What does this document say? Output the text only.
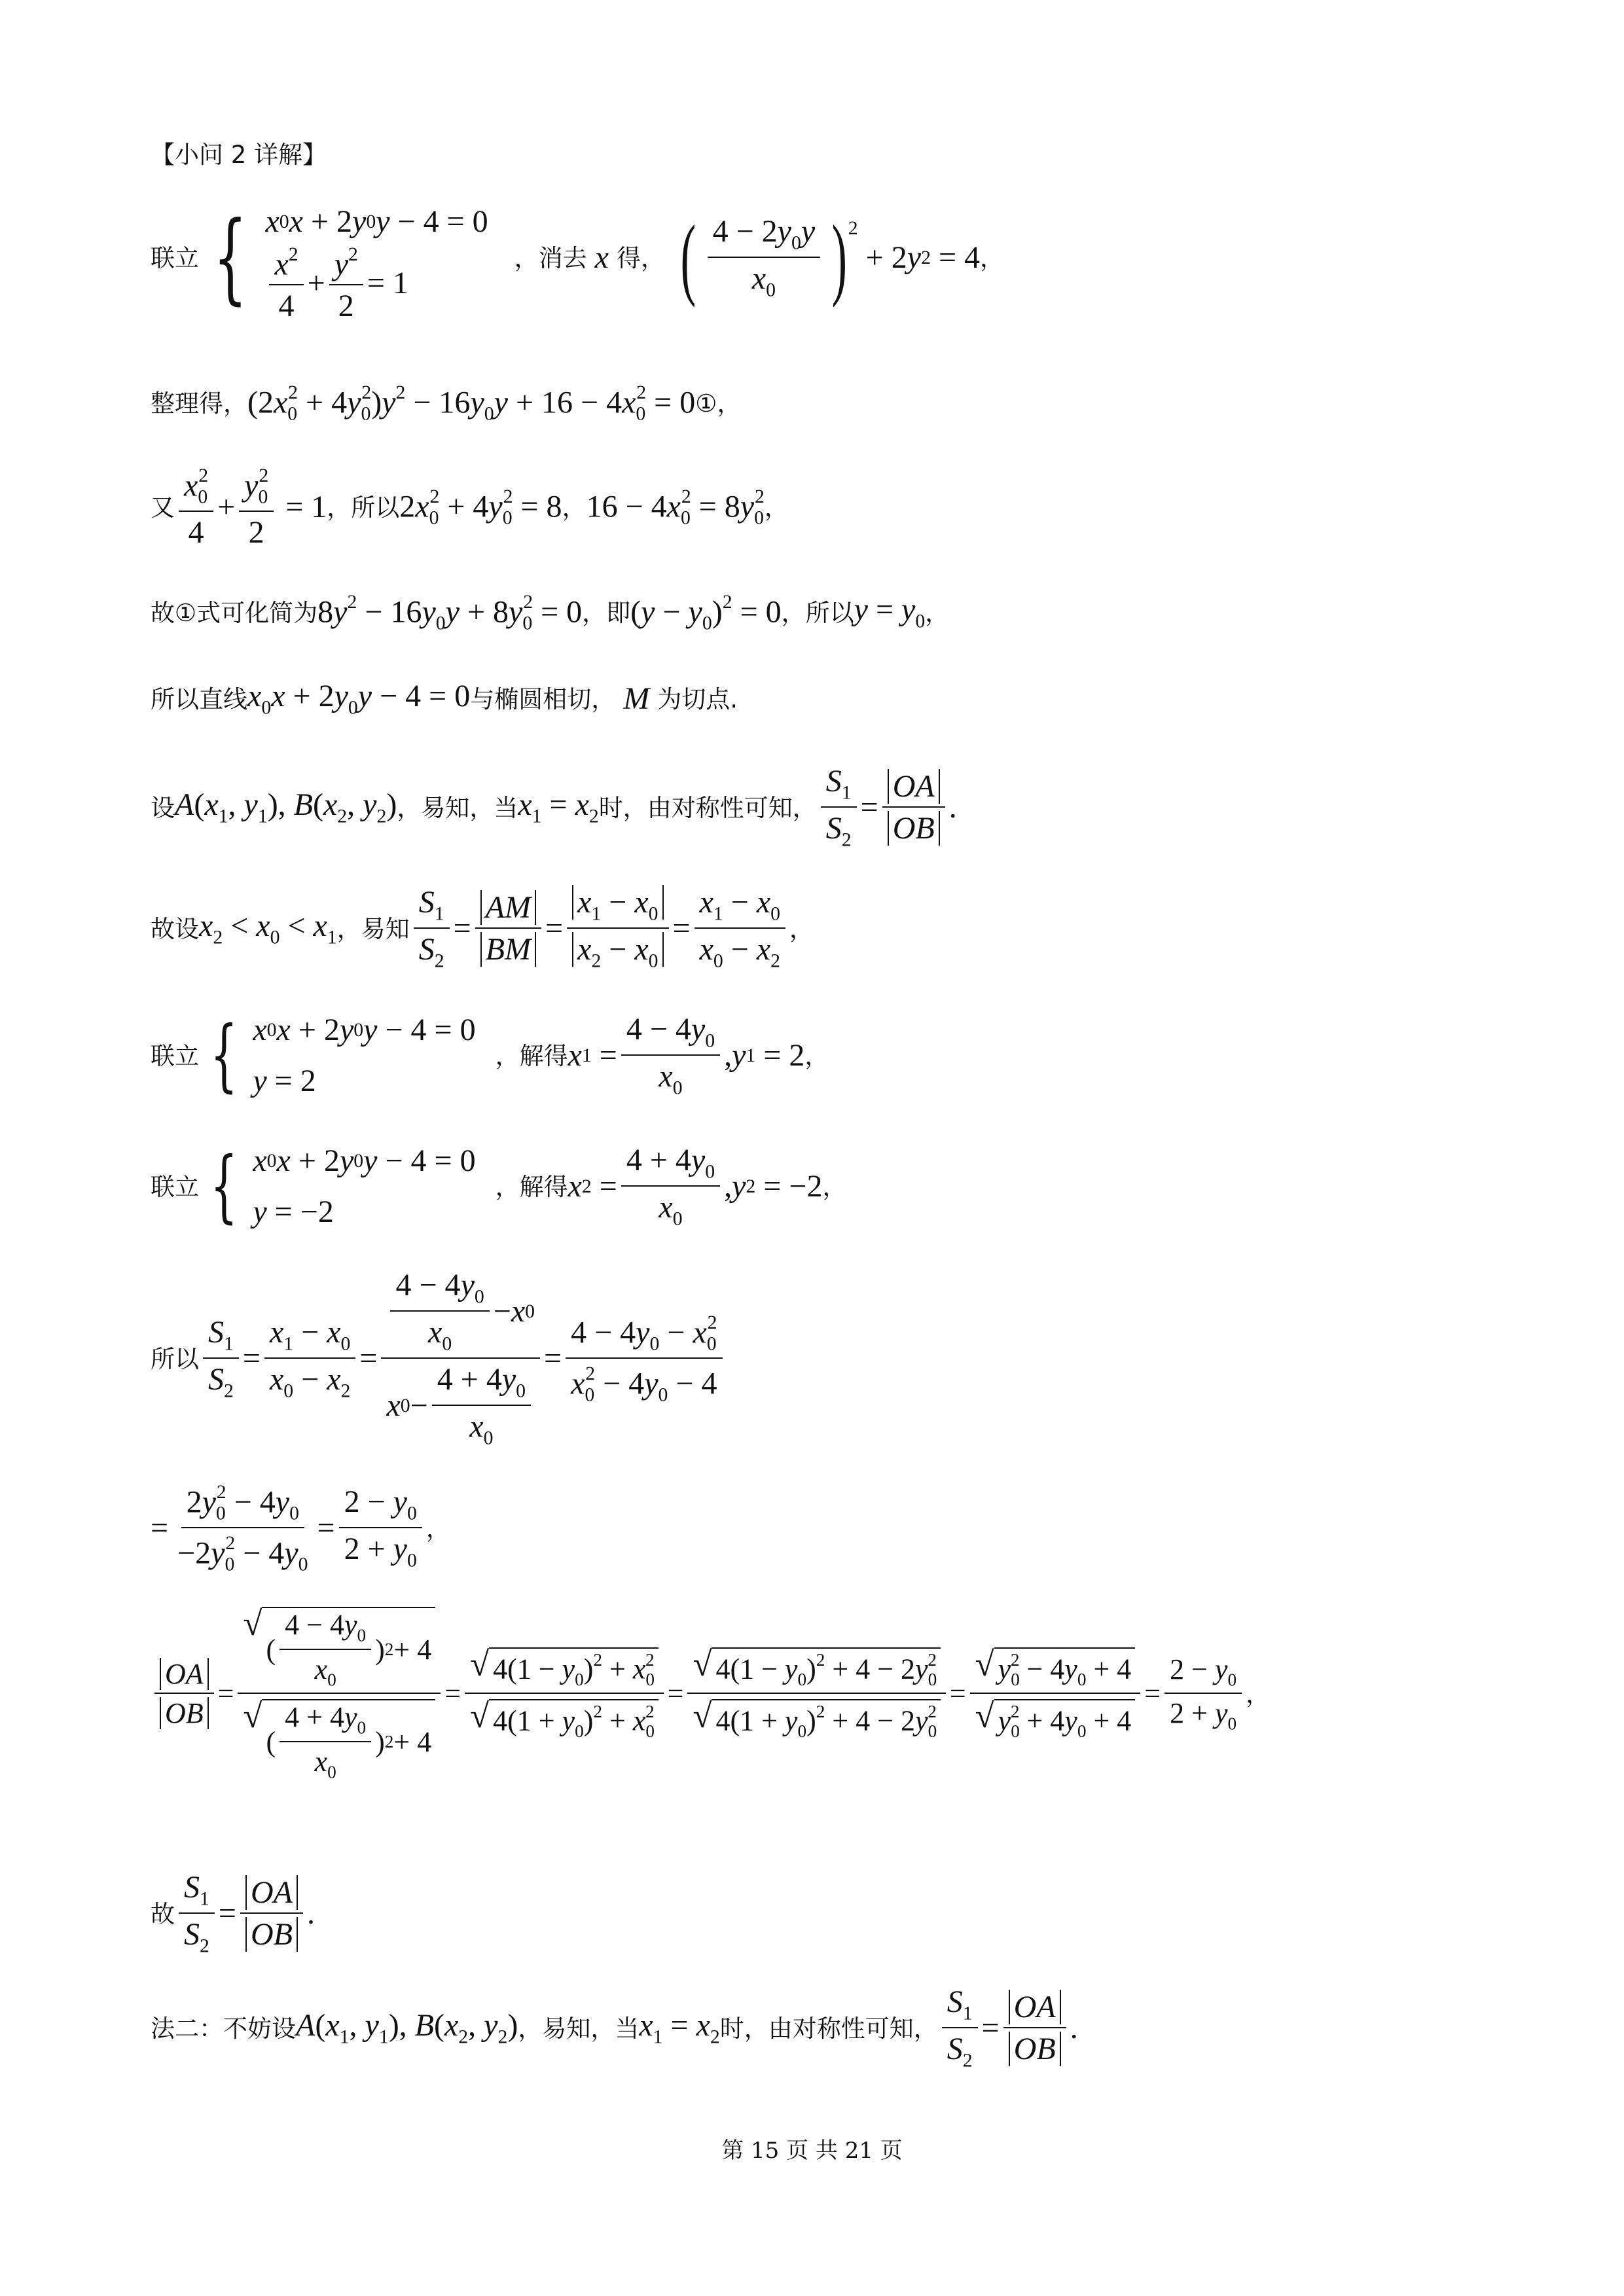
【小问 2 详解】
联立 { x 0 x + 2 y 0 y − 4 = 0
$\frac{x^2}{4} + \frac{y^2}{2} = 1$
，消去 x 得， ( $\frac{4 - 2y_0y}{x_0}$ ) 2
+ 2 y 2 = 4 ，
整理得， $(2x_0^2 + 4y_0^2)y^2 - 16y_0y + 16 - 4x_0^2 = 0$ ① ，
又 $\frac{x_0^2}{4} + \frac{y_0^2}{2} = 1$ ，所以 $2x_0^2 + 4y_0^2 = 8$ ， $16 - 4x_0^2 = 8y_0^2$ ，
故①式可化简为 $8y^2 - 16y_0y + 8y_0^2 = 0$ ，即 $(y - y_0)^2 = 0$ ，所以 $y = y_0$ ，
所以直线 $x_0x + 2y_0y - 4 = 0$ 与椭圆相切， M 为切点.
设 $A(x_1$, $y_1$), $B(x_2$, $y_2$) ，易知，当 $x_1 = x_2$ 时，由对称性可知， $\frac{S_1}{S_2} = \frac{OA}{OB}$ .
故设 $x_2 < x_0 < x_1$ ，易知 $\frac{S_1}{S_2} = \frac{AM}{BM} = \frac{x_1 - x_0}{x_2 - x_0} = \frac{x_1 - x_0}{x_0 - x_2}$ ，
联立 { x 0 x + 2 y 0 y − 4 = 0
y = 2
，解得 x $1 = \frac{4 - 4y_0}{x_0}$ , y 1 = 2 ，
联立 { x 0 x + 2 y 0 y − 4 = 0
y = −2
，解得 x $2 = \frac{4 + 4y_0}{x_0}$ , y 2 = −2 ，
所以 $\frac{S_1}{S_2} = \frac{x_1 - x_0}{x_0 - x_2} = \frac{\frac{4 - 4y_0}{x_0} - x 0}{x 0 - \frac{4 + 4y_0}{x_0}} = \frac{4 - 4y_0 - x_0^2}{x_0^2 - 4y_0 - 4}$
= $\frac{2y_0^2 - 4y_0}{-2y_0^2 - 4y_0} = \frac{2 - y_0}{2 + y_0}$ ，
$\frac{OA}{OB}$ = √
( $\frac{4 - 4y_0}{x_0}$ ) 2 + 4
√
( $\frac{4 + 4y_0}{x_0}$ ) $2 + 4 = \frac{√ 4(1 - y_0)^2 + x_0^2}{√ 4(1 + y_0)^2 + x_0^2} = \frac{√ 4(1 - y_0)^2 + 4 - 2y_0^2}{√ 4(1 + y_0)^2 + 4 - 2y_0^2} = \frac{√ y_0^2 - 4y_0 + 4}{√ y_0^2 + 4y_0 + 4} = \frac{2 - y_0}{2 + y_0}$ ，
故 $\frac{S_1}{S_2} = \frac{OA}{OB}$ .
法二：不妨设 $A(x_1$, $y_1$), $B(x_2$, $y_2$) ，易知，当 $x_1 = x_2$ 时，由对称性可知， $\frac{S_1}{S_2} = \frac{OA}{OB}$ .
第 15 页 共 21 页
